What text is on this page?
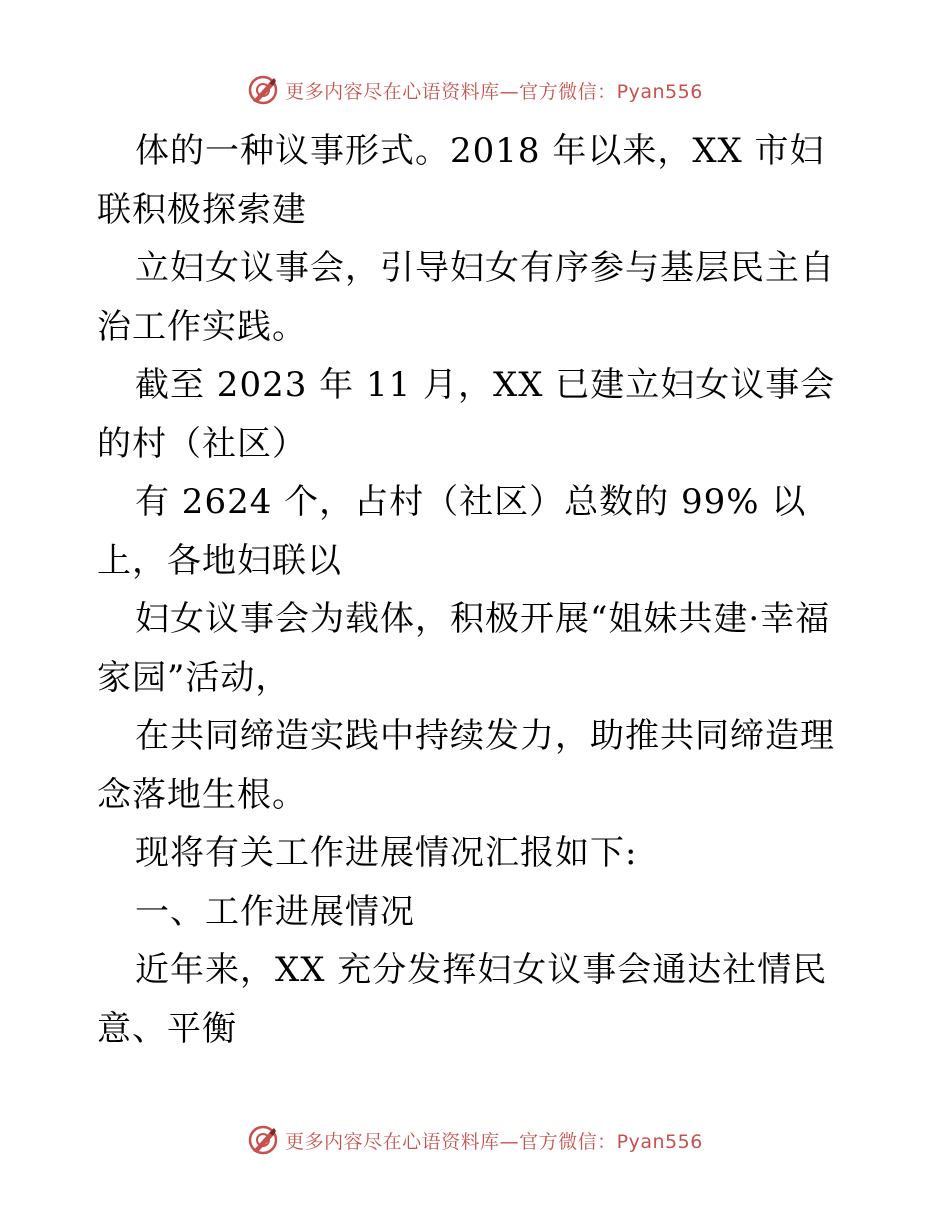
更多内容尽在心语资料库—官方微信：Pyan556

体的一种议事形式。2018 年以来，XX 市妇联积极探索建

立妇女议事会，引导妇女有序参与基层民主自治工作实践。

截至 2023 年 11 月，XX 已建立妇女议事会的村（社区）

有 2624 个，占村（社区）总数的 99% 以上，各地妇联以

妇女议事会为载体，积极开展“姐妹共建·幸福家园”活动，

在共同缔造实践中持续发力，助推共同缔造理念落地生根。

现将有关工作进展情况汇报如下:

一、工作进展情况

近年来，XX 充分发挥妇女议事会通达社情民意、平衡

更多内容尽在心语资料库—官方微信：Pyan556
